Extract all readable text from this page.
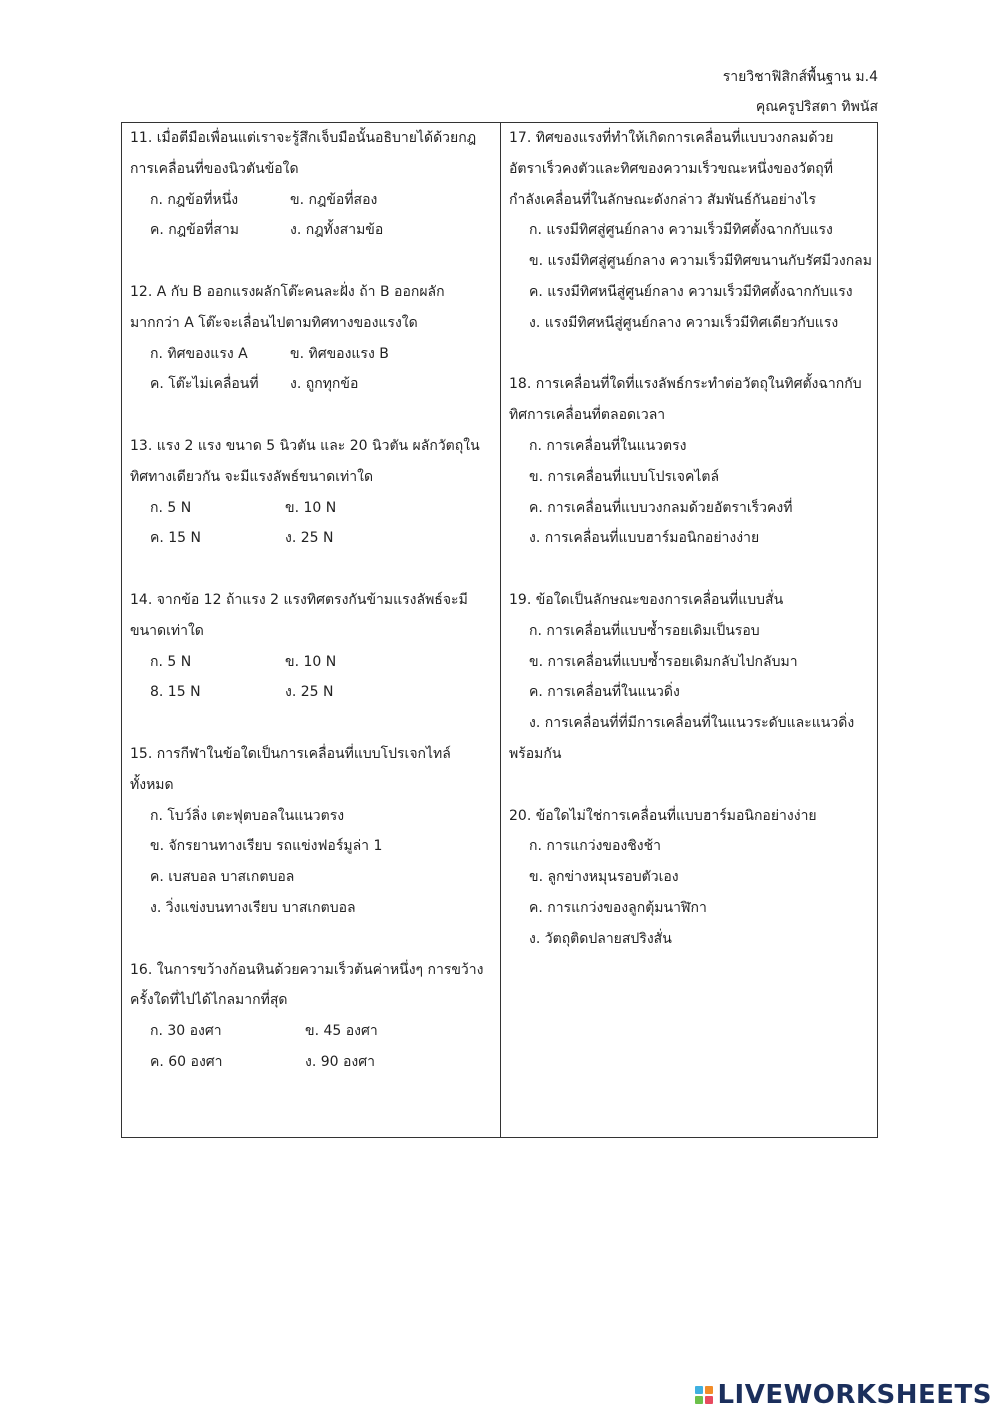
รายวิชาฟิสิกส์พื้นฐาน ม.4
คุณครูปริสตา ทิพนัส
11. เมื่อตีมือเพื่อนแต่เราจะรู้สึกเจ็บมือนั้นอธิบายได้ด้วยกฎ
การเคลื่อนที่ของนิวตันข้อใด
ก. กฎข้อที่หนึ่ง	ข. กฎข้อที่สอง
ค. กฎข้อที่สาม	ง. กฎทั้งสามข้อ
12. A กับ B ออกแรงผลักโต๊ะคนละฝั่ง ถ้า B ออกผลัก
มากกว่า A โต๊ะจะเลื่อนไปตามทิศทางของแรงใด
ก. ทิศของแรง A	ข. ทิศของแรง B
ค. โต๊ะไม่เคลื่อนที่	ง. ถูกทุกข้อ
13. แรง 2 แรง ขนาด 5 นิวตัน และ 20 นิวตัน ผลักวัตถุใน
ทิศทางเดียวกัน จะมีแรงลัพธ์ขนาดเท่าใด
ก. 5 N	ข. 10 N
ค. 15 N	ง. 25 N
14. จากข้อ 12 ถ้าแรง 2 แรงทิศตรงกันข้ามแรงลัพธ์จะมี
ขนาดเท่าใด
ก. 5 N	ข. 10 N
8. 15 N	ง. 25 N
15. การกีฬาในข้อใดเป็นการเคลื่อนที่แบบโปรเจกไทล์
ทั้งหมด
ก. โบว์ลิ่ง เตะฟุตบอลในแนวตรง
ข. จักรยานทางเรียบ รถแข่งฟอร์มูล่า 1
ค. เบสบอล บาสเกตบอล
ง. วิ่งแข่งบนทางเรียบ บาสเกตบอล
16. ในการขว้างก้อนหินด้วยความเร็วต้นค่าหนึ่งๆ การขว้าง
ครั้งใดที่ไปได้ไกลมากที่สุด
ก. 30 องศา	ข. 45 องศา
ค. 60 องศา	ง. 90 องศา
17. ทิศของแรงที่ทำให้เกิดการเคลื่อนที่แบบวงกลมด้วย
อัตราเร็วคงตัวและทิศของความเร็วขณะหนึ่งของวัตถุที่
กำลังเคลื่อนที่ในลักษณะดังกล่าว สัมพันธ์กันอย่างไร
ก. แรงมีทิศสู่ศูนย์กลาง ความเร็วมีทิศตั้งฉากกับแรง
ข. แรงมีทิศสู่ศูนย์กลาง ความเร็วมีทิศขนานกับรัศมีวงกลม
ค. แรงมีทิศหนีสู่ศูนย์กลาง ความเร็วมีทิศตั้งฉากกับแรง
ง. แรงมีทิศหนีสู่ศูนย์กลาง ความเร็วมีทิศเดียวกับแรง
18. การเคลื่อนที่ใดที่แรงลัพธ์กระทำต่อวัตถุในทิศตั้งฉากกับ
ทิศการเคลื่อนที่ตลอดเวลา
ก. การเคลื่อนที่ในแนวตรง
ข. การเคลื่อนที่แบบโปรเจคไตล์
ค. การเคลื่อนที่แบบวงกลมด้วยอัตราเร็วคงที่
ง. การเคลื่อนที่แบบฮาร์มอนิกอย่างง่าย
19. ข้อใดเป็นลักษณะของการเคลื่อนที่แบบสั่น
ก. การเคลื่อนที่แบบซ้ำรอยเดิมเป็นรอบ
ข. การเคลื่อนที่แบบซ้ำรอยเดิมกลับไปกลับมา
ค. การเคลื่อนที่ในแนวดิ่ง
ง. การเคลื่อนที่ที่มีการเคลื่อนที่ในแนวระดับและแนวดิ่งพร้อมกัน
20. ข้อใดไม่ใช่การเคลื่อนที่แบบฮาร์มอนิกอย่างง่าย
ก. การแกว่งของชิงช้า
ข. ลูกข่างหมุนรอบตัวเอง
ค. การแกว่งของลูกตุ้มนาฬิกา
ง. วัตถุติดปลายสปริงสั่น
LIVEWORKSHEETS
